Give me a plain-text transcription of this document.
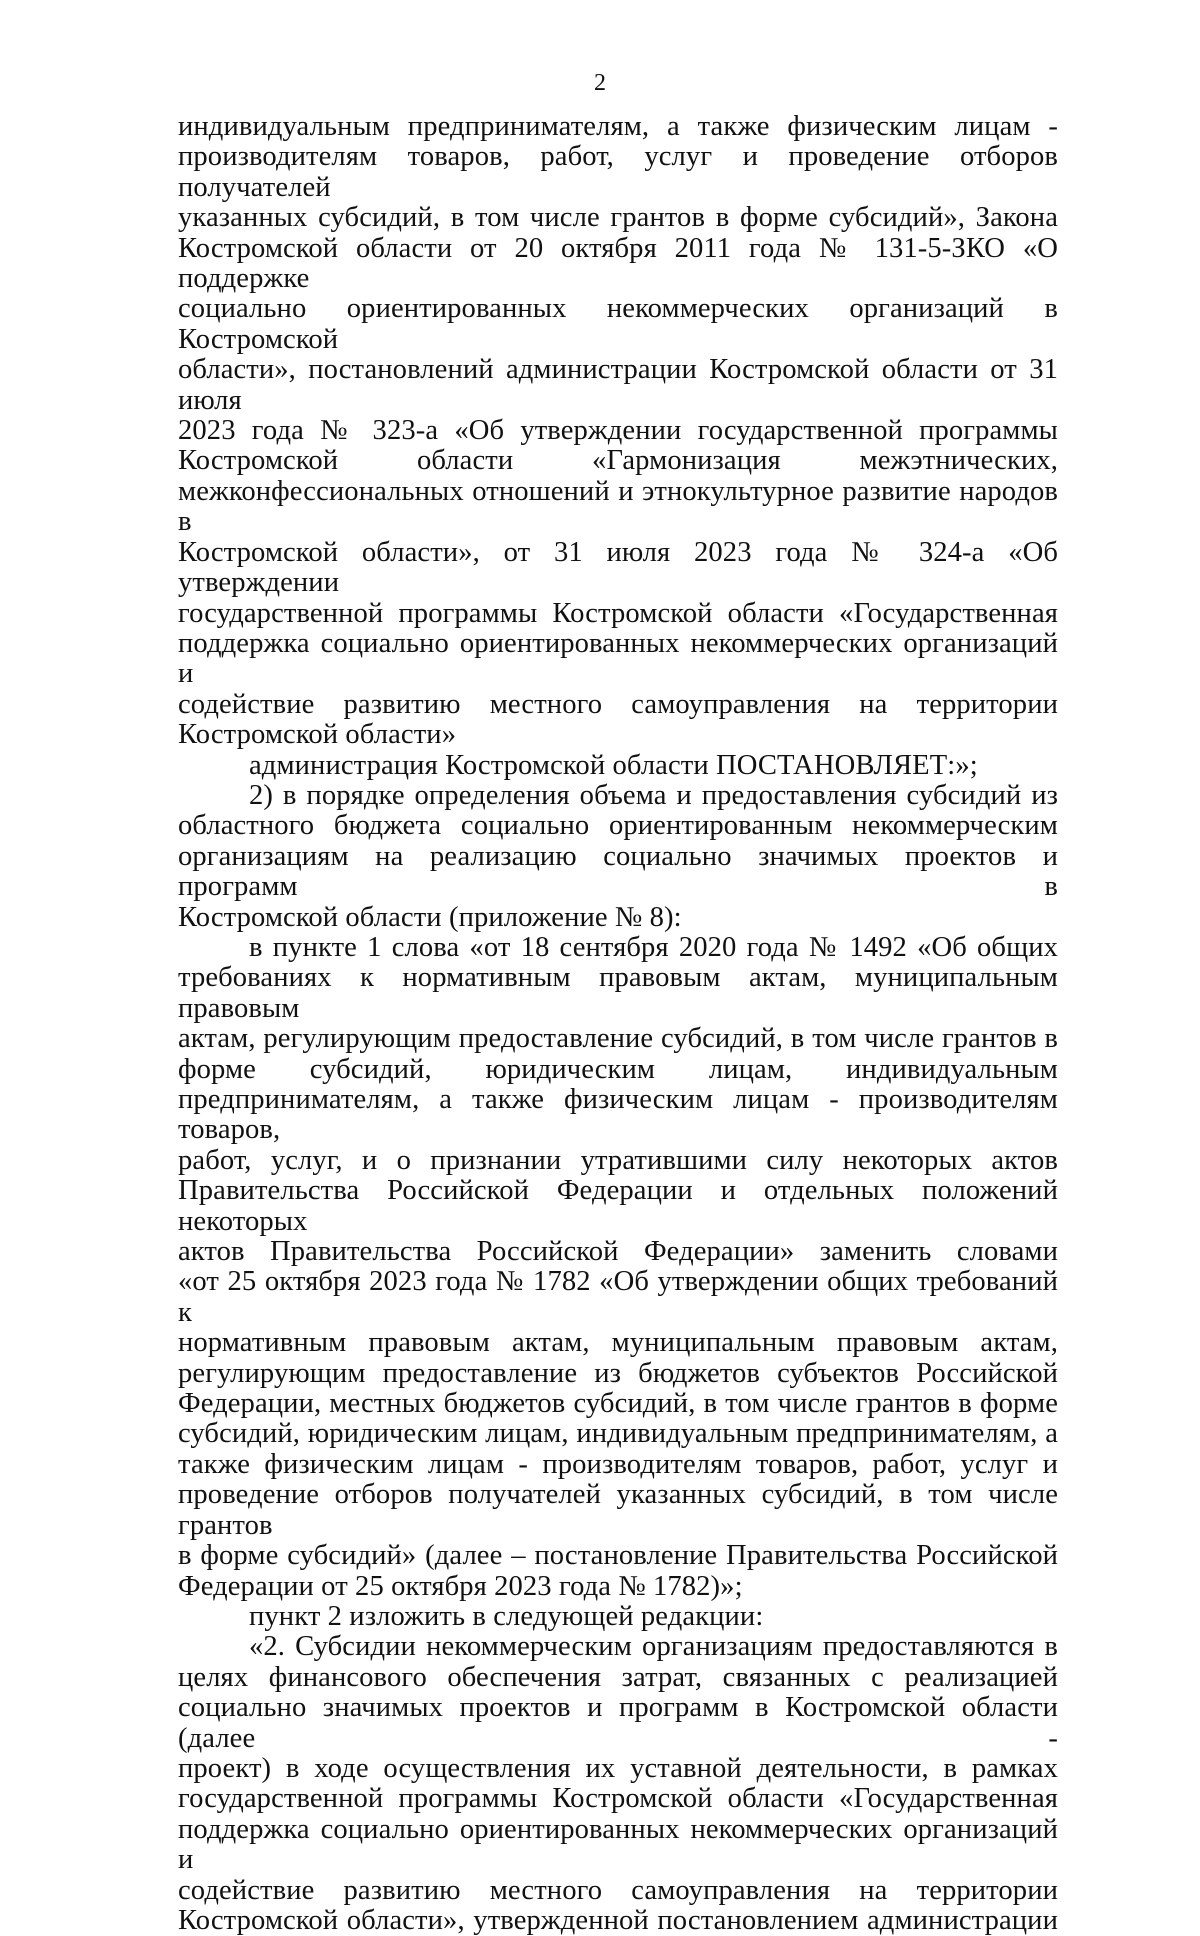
2
индивидуальным предпринимателям, а также физическим лицам -
производителям товаров, работ, услуг и проведение отборов получателей
указанных субсидий, в том числе грантов в форме субсидий», Закона
Костромской области от 20 октября 2011 года № 131-5-ЗКО «О поддержке
социально ориентированных некоммерческих организаций в Костромской
области», постановлений администрации Костромской области от 31 июля
2023 года № 323-а «Об утверждении государственной программы
Костромской области «Гармонизация межэтнических,
межконфессиональных отношений и этнокультурное развитие народов в
Костромской области», от 31 июля 2023 года № 324-а «Об утверждении
государственной программы Костромской области «Государственная
поддержка социально ориентированных некоммерческих организаций и
содействие развитию местного самоуправления на территории
Костромской области»
администрация Костромской области ПОСТАНОВЛЯЕТ:»;
2) в порядке определения объема и предоставления субсидий из
областного бюджета социально ориентированным некоммерческим
организациям на реализацию социально значимых проектов и программ в
Костромской области (приложение № 8):
в пункте 1 слова «от 18 сентября 2020 года № 1492 «Об общих
требованиях к нормативным правовым актам, муниципальным правовым
актам, регулирующим предоставление субсидий, в том числе грантов в
форме субсидий, юридическим лицам, индивидуальным
предпринимателям, а также физическим лицам - производителям товаров,
работ, услуг, и о признании утратившими силу некоторых актов
Правительства Российской Федерации и отдельных положений некоторых
актов Правительства Российской Федерации» заменить словами
«от 25 октября 2023 года № 1782 «Об утверждении общих требований к
нормативным правовым актам, муниципальным правовым актам,
регулирующим предоставление из бюджетов субъектов Российской
Федерации, местных бюджетов субсидий, в том числе грантов в форме
субсидий, юридическим лицам, индивидуальным предпринимателям, а
также физическим лицам - производителям товаров, работ, услуг и
проведение отборов получателей указанных субсидий, в том числе грантов
в форме субсидий» (далее – постановление Правительства Российской
Федерации от 25 октября 2023 года № 1782)»;
пункт 2 изложить в следующей редакции:
«2. Субсидии некоммерческим организациям предоставляются в
целях финансового обеспечения затрат, связанных с реализацией
социально значимых проектов и программ в Костромской области (далее -
проект) в ходе осуществления их уставной деятельности, в рамках
государственной программы Костромской области «Государственная
поддержка социально ориентированных некоммерческих организаций и
содействие развитию местного самоуправления на территории
Костромской области», утвержденной постановлением администрации
